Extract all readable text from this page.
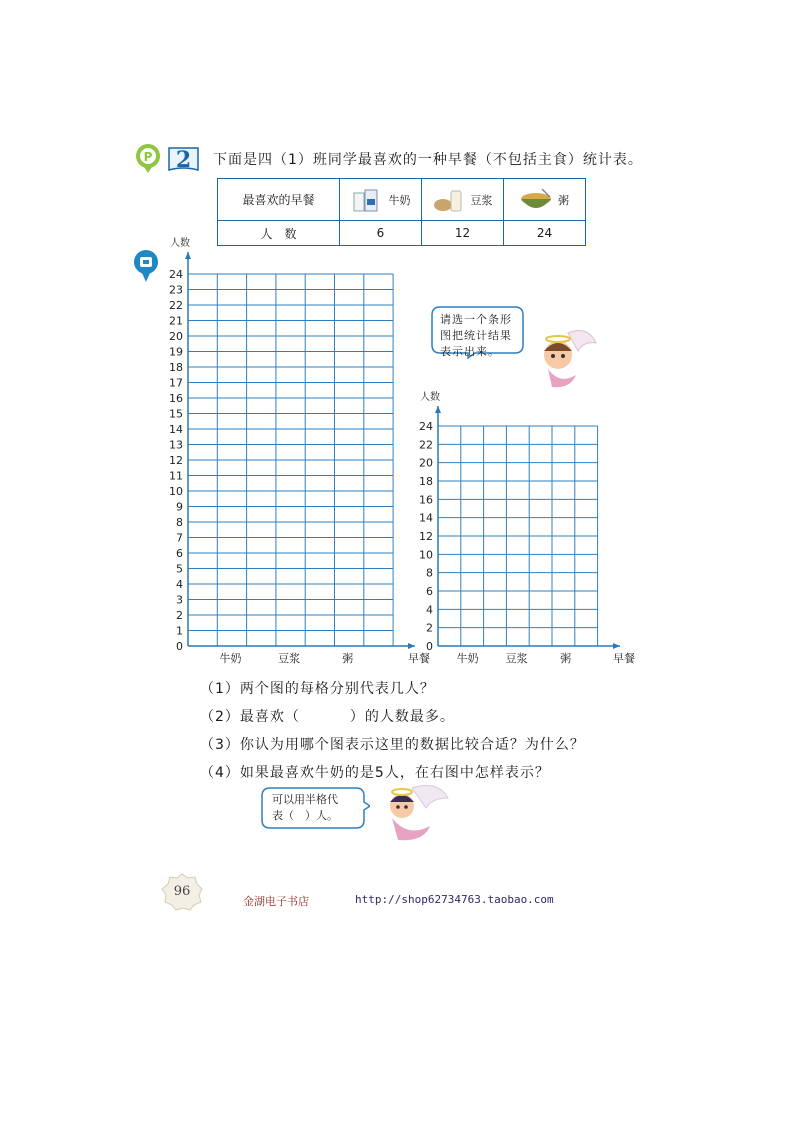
P	2	下面是四（1）班同学最喜欢的一种早餐（不包括主食）统计表。
最喜欢的早餐	牛奶	豆浆	粥

人　数	6	12	24
0
1
2
3
4
5
6
7
8
9
10
11
12
13
14
15
16
17
18
19
20
21
22
23
24
人数
牛奶	豆浆	粥	早餐
0
2
4
6
8
10
12
14
16
18
20
22
24
人数
牛奶 豆浆	粥	早餐
请选一个条形
图把统计结果
表示出来。
（1）两个图的每格分别代表几人？
（2）最喜欢（	）的人数最多。
（3）你认为用哪个图表示这里的数据比较合适？为什么？
（4）如果最喜欢牛奶的是5人，在右图中怎样表示？
可以用半格代
表（　）人。
96
金湖电子书店	http://shop62734763.taobao.com
